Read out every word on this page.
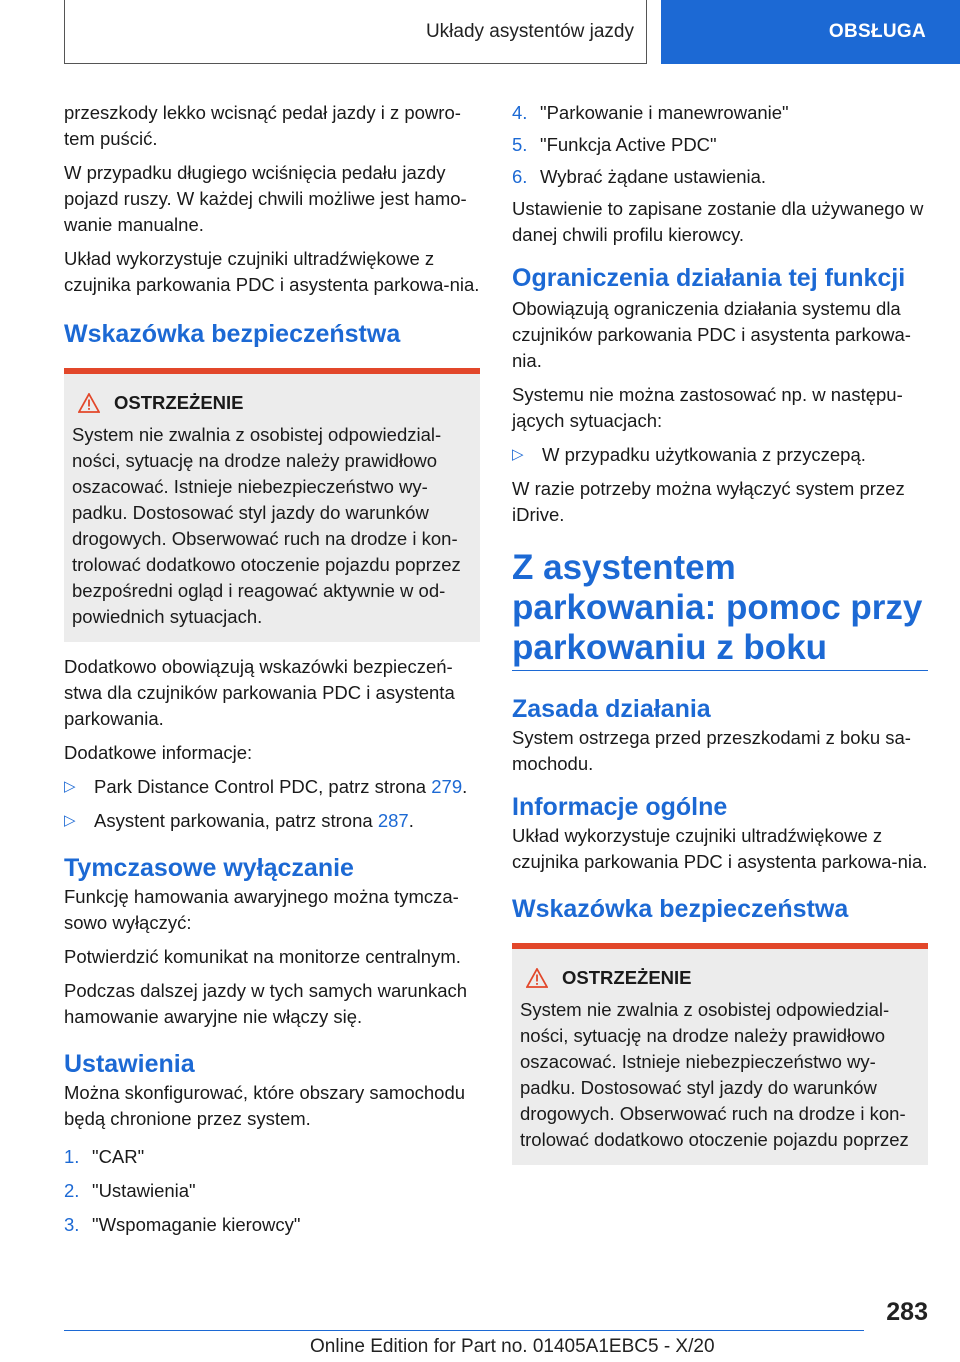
Układy asystentów jazdy	OBSŁUGA

przeszkody lekko wcisnąć pedał jazdy i z powro-tem puścić.

W przypadku długiego wciśnięcia pedału jazdy pojazd ruszy. W każdej chwili możliwe jest hamo-wanie manualne.

Układ wykorzystuje czujniki ultradźwiękowe z czujnika parkowania PDC i asystenta parkowa-nia.

Wskazówka bezpieczeństwa
OSTRZEŻENIE
System nie zwalnia z osobistej odpowiedzial-ności, sytuację na drodze należy prawidłowo oszacować. Istnieje niebezpieczeństwo wy-padku. Dostosować styl jazdy do warunków drogowych. Obserwować ruch na drodze i kon-trolować dodatkowo otoczenie pojazdu poprzez bezpośredni ogląd i reagować aktywnie w od-powiednich sytuacjach.

Dodatkowo obowiązują wskazówki bezpieczeń-stwa dla czujników parkowania PDC i asystenta parkowania.

Dodatkowe informacje:

▷ Park Distance Control PDC, patrz strona 279.
▷ Asystent parkowania, patrz strona 287.
Tymczasowe wyłączanie

Funkcję hamowania awaryjnego można tymcza-sowo wyłączyć:

Potwierdzić komunikat na monitorze centralnym.

Podczas dalszej jazdy w tych samych warunkach hamowanie awaryjne nie włączy się.

Ustawienia

Można skonfigurować, które obszary samochodu będą chronione przez system.

1. "CAR"
2. "Ustawienia"
3. "Wspomaganie kierowcy"
4. "Parkowanie i manewrowanie"
5. "Funkcja Active PDC"
6. Wybrać żądane ustawienia.

Ustawienie to zapisane zostanie dla używanego w danej chwili profilu kierowcy.

Ograniczenia działania tej funkcji

Obowiązują ograniczenia działania systemu dla czujników parkowania PDC i asystenta parkowa-nia.

Systemu nie można zastosować np. w następu-jących sytuacjach:

▷ W przypadku użytkowania z przyczepą.

W razie potrzeby można wyłączyć system przez iDrive.

Z asystentem parkowania: pomoc przy parkowaniu z boku
Zasada działania

System ostrzega przed przeszkodami z boku sa-mochodu.

Informacje ogólne

Układ wykorzystuje czujniki ultradźwiękowe z czujnika parkowania PDC i asystenta parkowa-nia.

Wskazówka bezpieczeństwa
OSTRZEŻENIE
System nie zwalnia z osobistej odpowiedzial-ności, sytuację na drodze należy prawidłowo oszacować. Istnieje niebezpieczeństwo wy-padku. Dostosować styl jazdy do warunków drogowych. Obserwować ruch na drodze i kon-trolować dodatkowo otoczenie pojazdu poprzez
283
Online Edition for Part no. 01405A1EBC5 - X/20
